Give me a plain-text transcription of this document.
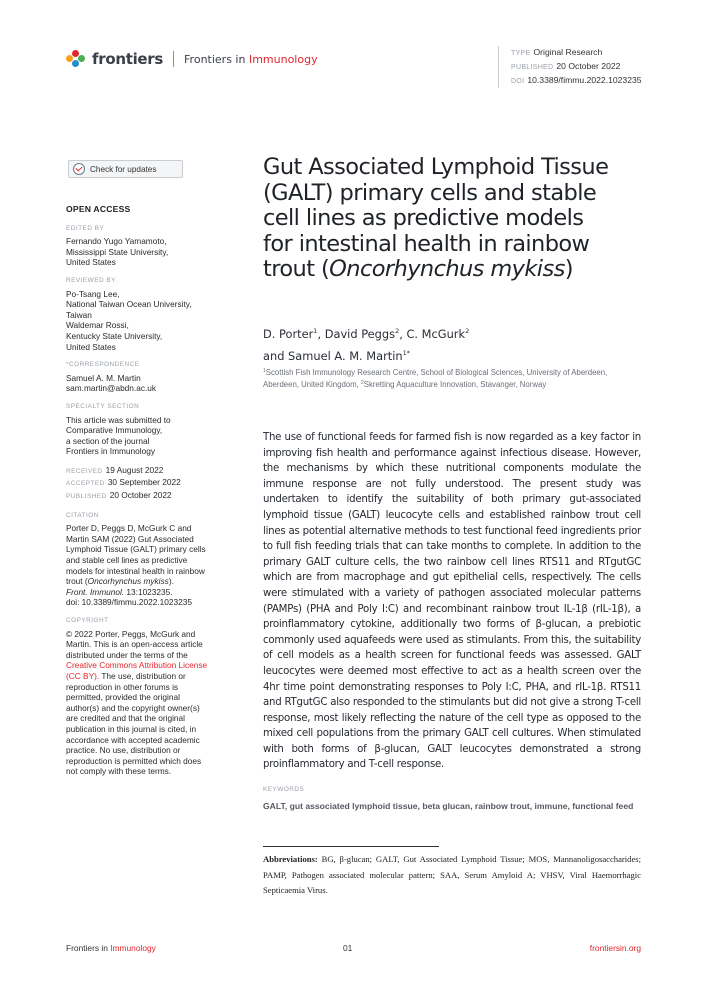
frontiers Frontiers in Immunology	TYPE Original Research
PUBLISHED 20 October 2022
DOI 10.3389/fimmu.2022.1023235
Check for updates
OPEN ACCESS
EDITED BY
Fernando Yugo Yamamoto,
Mississippi State University,
United States
REVIEWED BY
Po-Tsang Lee,
National Taiwan Ocean University,
Taiwan
Waldemar Rossi,
Kentucky State University,
United States
*CORRESPONDENCE
Samuel A. M. Martin
sam.martin@abdn.ac.uk
SPECIALTY SECTION
This article was submitted to
Comparative Immunology,
a section of the journal
Frontiers in Immunology
RECEIVED 19 August 2022
ACCEPTED 30 September 2022
PUBLISHED 20 October 2022
CITATION
Porter D, Peggs D, McGurk C and
Martin SAM (2022) Gut Associated
Lymphoid Tissue (GALT) primary cells
and stable cell lines as predictive
models for intestinal health in rainbow
trout (Oncorhynchus mykiss).
Front. Immunol. 13:1023235.
doi: 10.3389/fimmu.2022.1023235
COPYRIGHT
© 2022 Porter, Peggs, McGurk and
Martin. This is an open-access article
distributed under the terms of the
Creative Commons Attribution License
(CC BY). The use, distribution or
reproduction in other forums is
permitted, provided the original
author(s) and the copyright owner(s)
are credited and that the original
publication in this journal is cited, in
accordance with accepted academic
practice. No use, distribution or
reproduction is permitted which does
not comply with these terms.
Gut Associated Lymphoid Tissue
(GALT) primary cells and stable
cell lines as predictive models
for intestinal health in rainbow
trout (Oncorhynchus mykiss)
D. Porter$^1$, David Peggs$^2$, C. McGurk$^2$
and Samuel A. M. Martin$^{1*}$
$^1$Scottish Fish Immunology Research Centre, School of Biological Sciences, University of Aberdeen,
Aberdeen, United Kingdom, $^2$Skretting Aquaculture Innovation, Stavanger, Norway

The use of functional feeds for farmed fish is now regarded as a key factor in improving fish health and performance against infectious disease. However, the mechanisms by which these nutritional components modulate the immune response are not fully understood. The present study was undertaken to identify the suitability of both primary gut-associated lymphoid tissue (GALT) leucocyte cells and established rainbow trout cell lines as potential alternative methods to test functional feed ingredients prior to full fish feeding trials that can take months to complete. In addition to the primary GALT culture cells, the two rainbow cell lines RTS11 and RTgutGC which are from macrophage and gut epithelial cells, respectively. The cells were stimulated with a variety of pathogen associated molecular patterns (PAMPs) (PHA and Poly I:C) and recombinant rainbow trout IL-1β (rIL-1β), a proinflammatory cytokine, additionally two forms of β-glucan, a prebiotic commonly used aquafeeds were used as stimulants. From this, the suitability of cell models as a health screen for functional feeds was assessed. GALT leucocytes were deemed most effective to act as a health screen over the 4hr time point demonstrating responses to Poly I:C, PHA, and rIL-1β. RTS11 and RTgutGC also responded to the stimulants but did not give a strong T-cell response, most likely reflecting the nature of the cell type as opposed to the mixed cell populations from the primary GALT cell cultures. When stimulated with both forms of β-glucan, GALT leucocytes demonstrated a strong proinflammatory and T-cell response.

KEYWORDS
GALT, gut associated lymphoid tissue, beta glucan, rainbow trout, immune, functional feed
Abbreviations: BG, β-glucan; GALT, Gut Associated Lymphoid Tissue; MOS, Mannanoligosaccharides; PAMP, Pathogen associated molecular pattern; SAA, Serum Amyloid A; VHSV, Viral Haemorrhagic Septicaemia Virus.
Frontiers in Immunology	01	frontiersin.org
